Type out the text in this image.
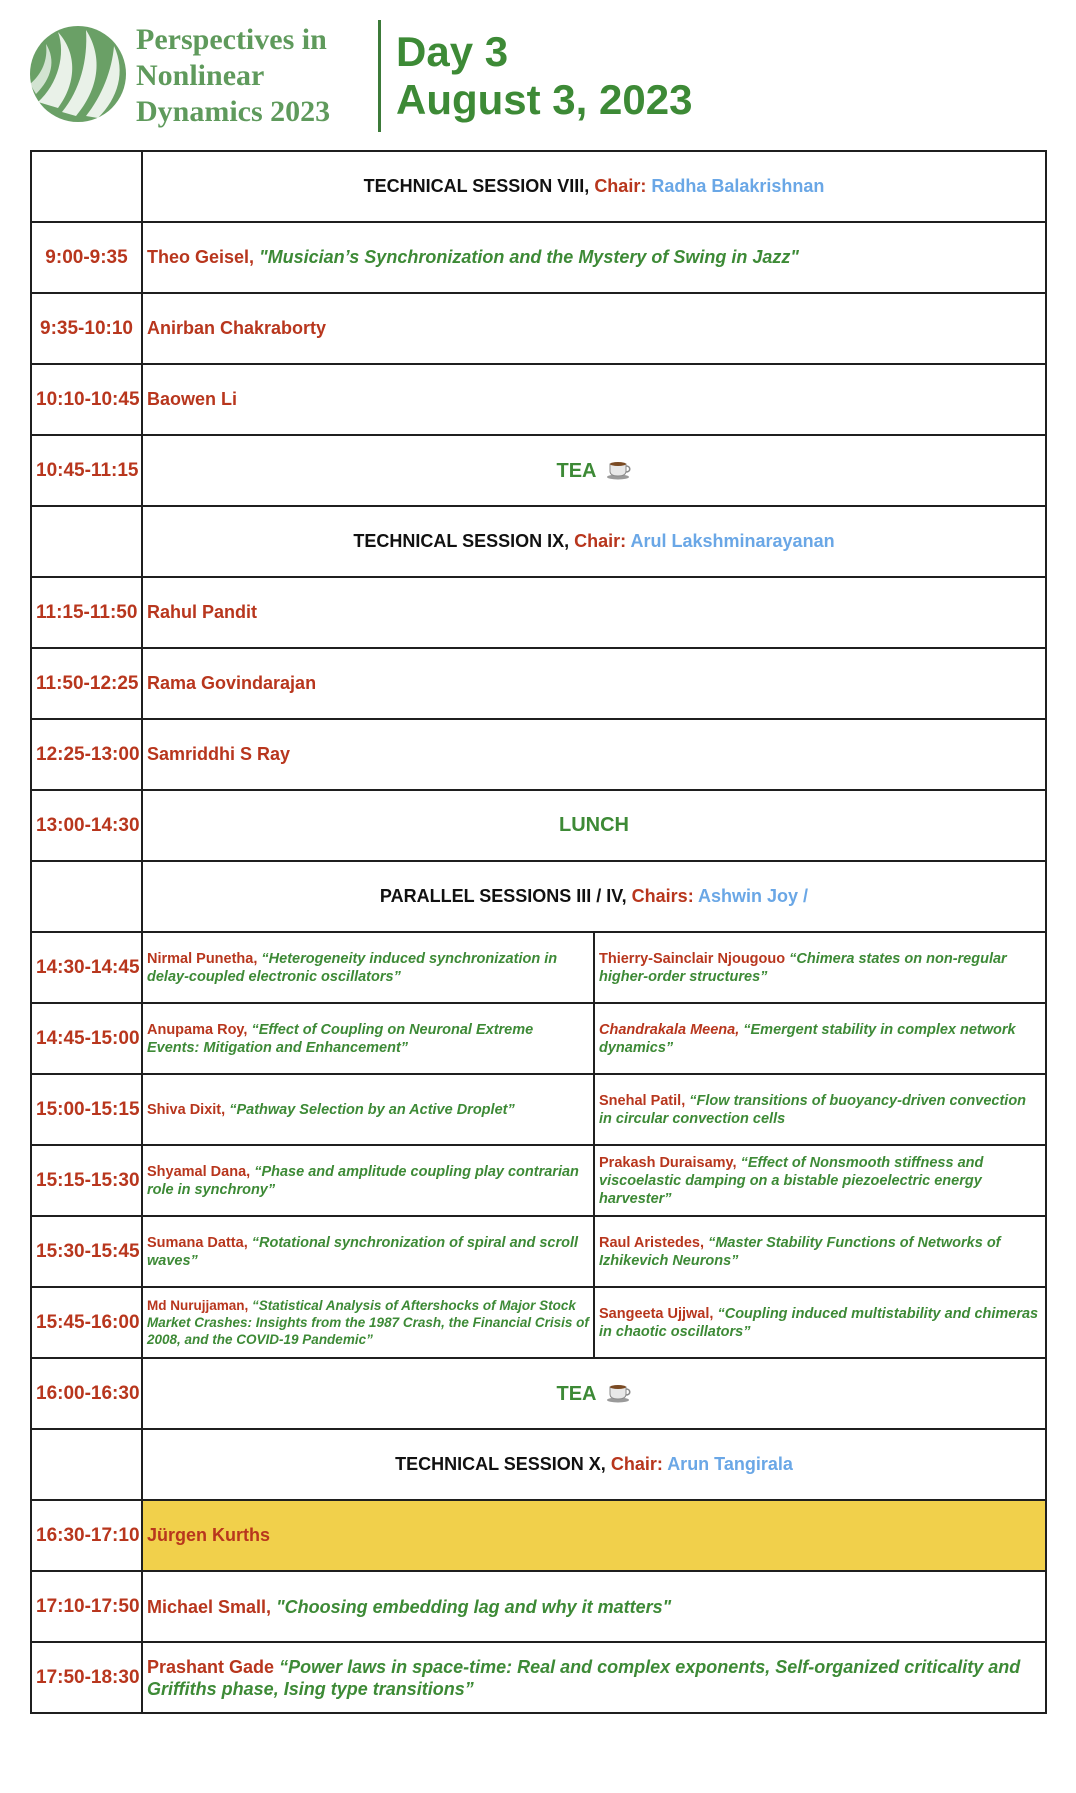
Perspectives in
Nonlinear
Dynamics 2023
Day 3
August 3, 2023
	TECHNICAL SESSION VIII, Chair: Radha Balakrishnan	
9:00-9:35	Theo Geisel, "Musician’s Synchronization and the Mystery of Swing in Jazz"	
9:35-10:10	Anirban Chakraborty	
10:10-10:45	Baowen Li	
10:45-11:15	TEA	
	TECHNICAL SESSION IX, Chair: Arul Lakshminarayanan	
11:15-11:50	Rahul Pandit	
11:50-12:25	Rama Govindarajan	
12:25-13:00	Samriddhi S Ray	
13:00-14:30	LUNCH	
	PARALLEL SESSIONS III / IV, Chairs: Ashwin Joy /	
14:30-14:45	Nirmal Punetha, “Heterogeneity induced synchronization in delay-coupled electronic oscillators”	Thierry-Sainclair Njougouo “Chimera states on non-regular higher-order structures”
14:45-15:00	Anupama Roy, “Effect of Coupling on Neuronal Extreme Events: Mitigation and Enhancement”	Chandrakala Meena, “Emergent stability in complex network dynamics”
15:00-15:15	Shiva Dixit, “Pathway Selection by an Active Droplet”	Snehal Patil, “Flow transitions of buoyancy-driven convection in circular convection cells
15:15-15:30	Shyamal Dana, “Phase and amplitude coupling play contrarian role in synchrony”	Prakash Duraisamy, “Effect of Nonsmooth stiffness and viscoelastic damping on a bistable piezoelectric energy harvester”
15:30-15:45	Sumana Datta, “Rotational synchronization of spiral and scroll waves”	Raul Aristedes, “Master Stability Functions of Networks of Izhikevich Neurons”
15:45-16:00	Md Nurujjaman, “Statistical Analysis of Aftershocks of Major Stock Market Crashes: Insights from the 1987 Crash, the Financial Crisis of 2008, and the COVID-19 Pandemic”	Sangeeta Ujjwal, “Coupling induced multistability and chimeras in chaotic oscillators”
16:00-16:30	TEA	
	TECHNICAL SESSION X, Chair: Arun Tangirala	
16:30-17:10	Jürgen Kurths	
17:10-17:50	Michael Small, "Choosing embedding lag and why it matters"	
17:50-18:30	Prashant Gade “Power laws in space-time: Real and complex exponents, Self-organized criticality and Griffiths phase, Ising type transitions”	
